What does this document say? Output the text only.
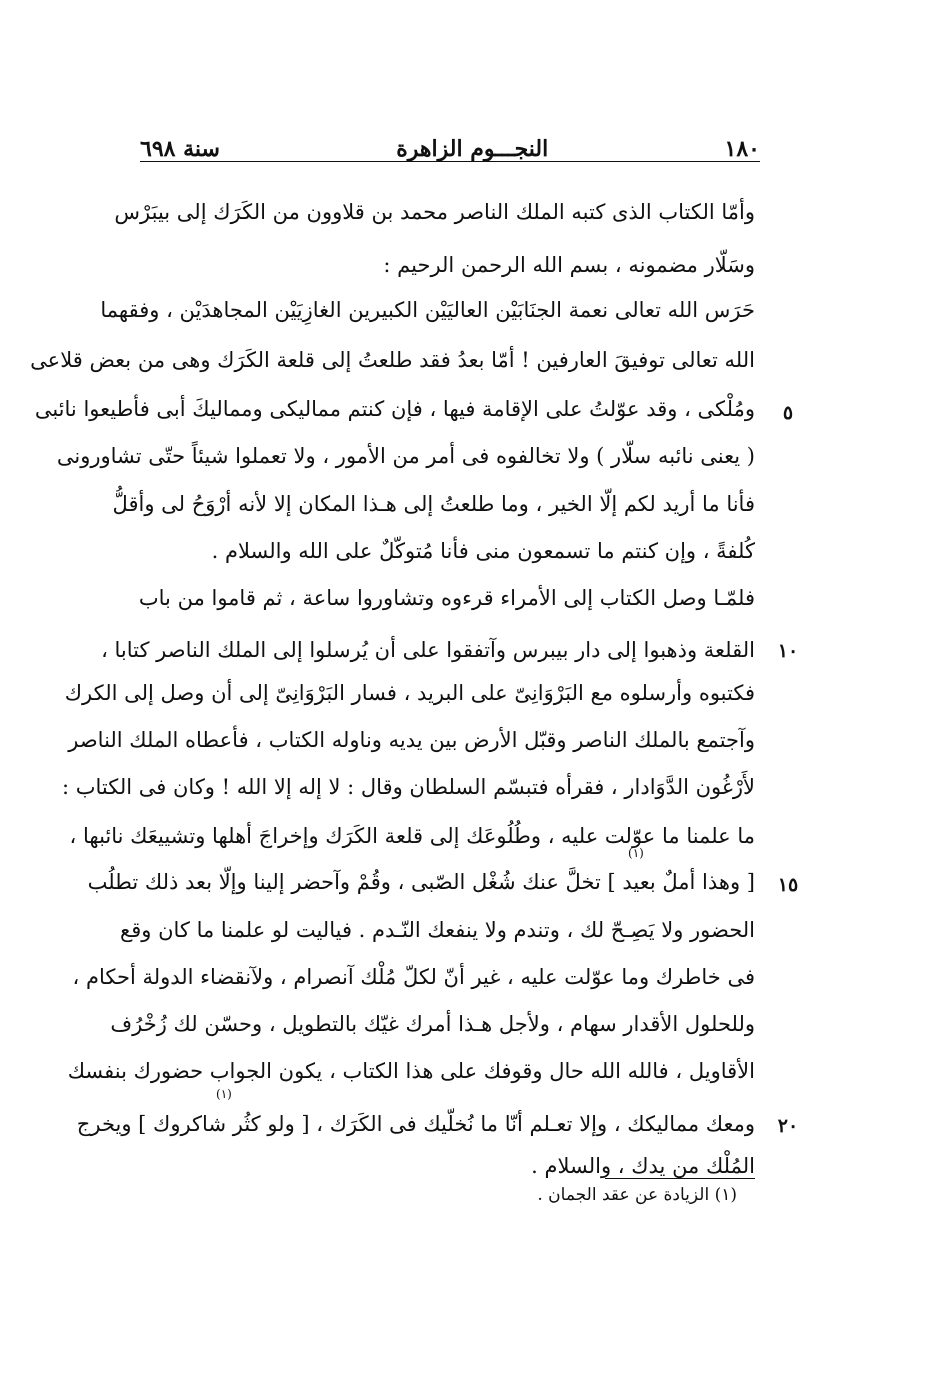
سنة ٦٩٨	النجـــوم الزاهرة	١٨٠
وأمّا الكتاب الذى كتبه الملك الناصر محمد بن قلاوون من الكَرَك إلى بيبَرْس
وسَلّار مضمونه ، بسم الله الرحمن الرحيم :
حَرَس الله تعالى نعمة الجنَابَيْن العاليَيْن الكبيرين الغازِيَيْن المجاهدَيْن ، وفقهما
الله تعالى توفيقَ العارفين ! أمّا بعدُ فقد طلعتُ إلى قلعة الكَرَك وهى من بعض قلاعى
ومُلْكى ، وقد عوّلتُ على الإقامة فيها ، فإن كنتم مماليكى ومماليكَ أبى فأطيعوا نائبى
( يعنى نائبه سلّار ) ولا تخالفوه فى أمر من الأمور ، ولا تعملوا شيئاً حتّى تشاورونى
فأنا ما أريد لكم إلّا الخير ، وما طلعتُ إلى هـذا المكان إلا لأنه أرْوَحُ لى وأقلُّ
كُلفةً ، وإن كنتم ما تسمعون منى فأنا مُتوكّلٌ على الله والسلام .
فلمّـا وصل الكتاب إلى الأمراء قرءوه وتشاوروا ساعة ، ثم قاموا من باب
القلعة وذهبوا إلى دار بيبرس وآتفقوا على أن يُرسلوا إلى الملك الناصر كتابا ،
فكتبوه وأرسلوه مع البَرْوَانِىّ على البريد ، فسار البَرْوَانِىّ إلى أن وصل إلى الكرك
وآجتمع بالملك الناصر وقبّل الأرض بين يديه وناوله الكتاب ، فأعطاه الملك الناصر
لأَرْغُون الدَّوَادار ، فقرأه فتبسّم السلطان وقال : لا إله إلا الله ! وكان فى الكتاب :
ما علمنا ما عوّلت عليه ، وطُلُوعَك إلى قلعة الكَرَك وإخراجَ أهلها وتشييعَك نائبها ،
[ وهذا أملٌ بعيد ] تخلَّ عنك شُغْل الصّبى ، وقُمْ وآحضر إلينا وإلّا بعد ذلك تطلُب
الحضور ولا يَصِـحّ لك ، وتندم ولا ينفعك النّـدم . فياليت لو علمنا ما كان وقع
فى خاطرك وما عوّلت عليه ، غير أنّ لكلّ مُلْك آنصرام ، ولآنقضاء الدولة أحكام ،
وللحلول الأقدار سهام ، ولأجل هـذا أمرك غيّك بالتطويل ، وحسّن لك زُخْرُف
الأقاويل ، فالله الله حال وقوفك على هذا الكتاب ، يكون الجواب حضورك بنفسك
ومعك مماليكك ، وإلا تعـلم أنّا ما نُخلّيك فى الكَرَك ، [ ولو كثُر شاكروك ] ويخرج
المُلْك من يدك ، والسلام .
٥
١٠
١٥
٢٠
(١)
(١)
(١) الزيادة عن عقد الجمان .
